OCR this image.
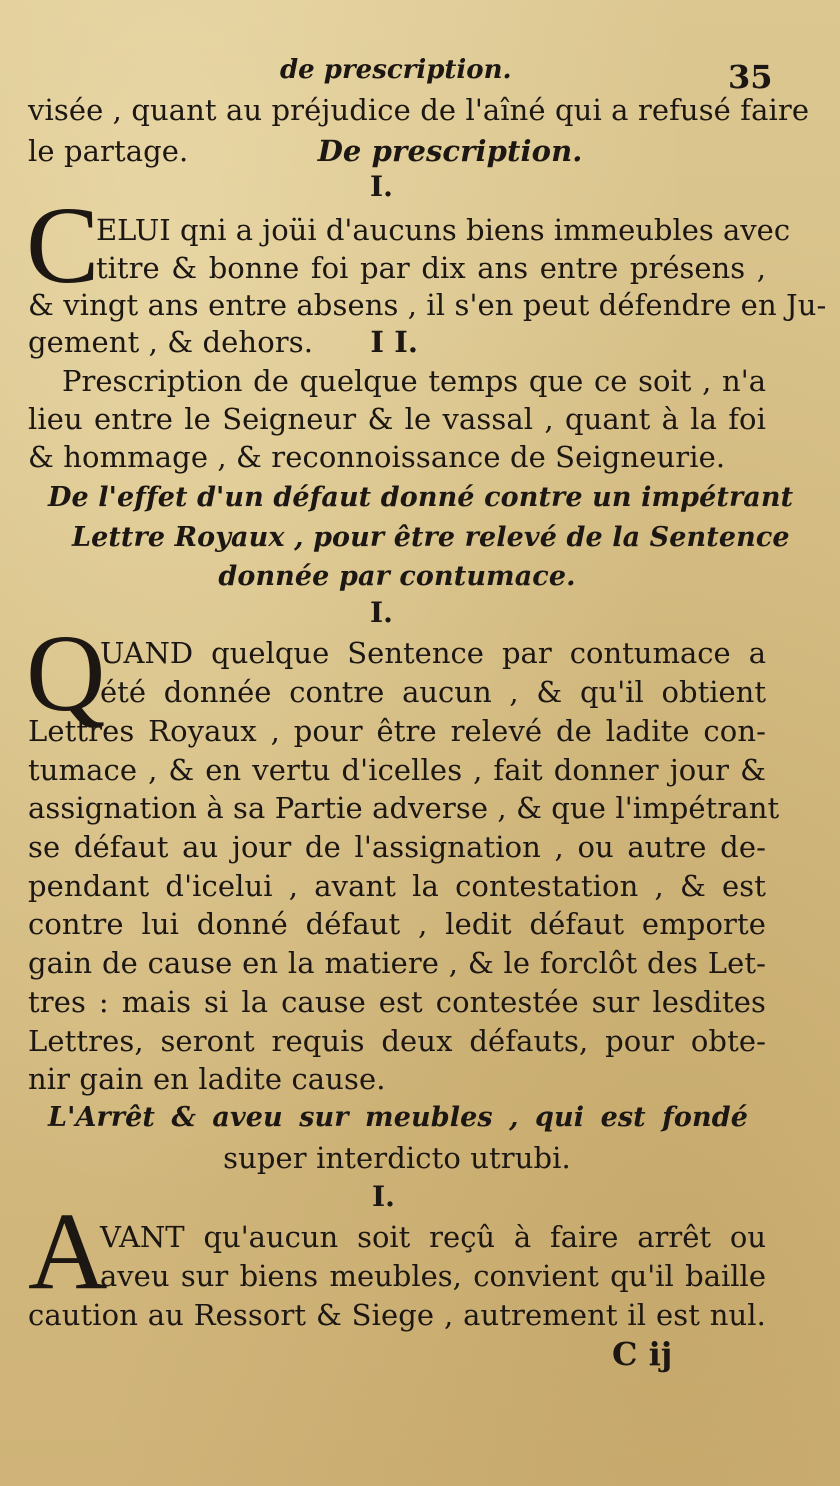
de prescription.	35
visée , quant au préjudice de l'aîné qui a refusé faire
le partage.	De prescription.
I.
C
ELUI qni a joüi d'aucuns biens immeubles avec
titre & bonne foi par dix ans entre présens ,
& vingt ans entre absens , il s'en peut défendre en Ju-
gement , & dehors. I I.
Prescription de quelque temps que ce soit , n'a
lieu entre le Seigneur & le vassal , quant à la foi
& hommage , & reconnoissance de Seigneurie.
De l'effet d'un défaut donné contre un impétrant
Lettre Royaux , pour être relevé de la Sentence
donnée par contumace.
I.
Q
UAND quelque Sentence par contumace a
été donnée contre aucun , & qu'il obtient
Lettres Royaux , pour être relevé de ladite con-
tumace , & en vertu d'icelles , fait donner jour &
assignation à sa Partie adverse , & que l'impétrant
se défaut au jour de l'assignation , ou autre de-
pendant d'icelui , avant la contestation , & est
contre lui donné défaut , ledit défaut emporte
gain de cause en la matiere , & le forclôt des Let-
tres : mais si la cause est contestée sur lesdites
Lettres, seront requis deux défauts, pour obte-
nir gain en ladite cause.
L'Arrêt & aveu sur meubles , qui est fondé
super interdicto utrubi.
I.
A
VANT qu'aucun soit reçû à faire arrêt ou
aveu sur biens meubles, convient qu'il baille
caution au Ressort & Siege , autrement il est nul.
C ij
